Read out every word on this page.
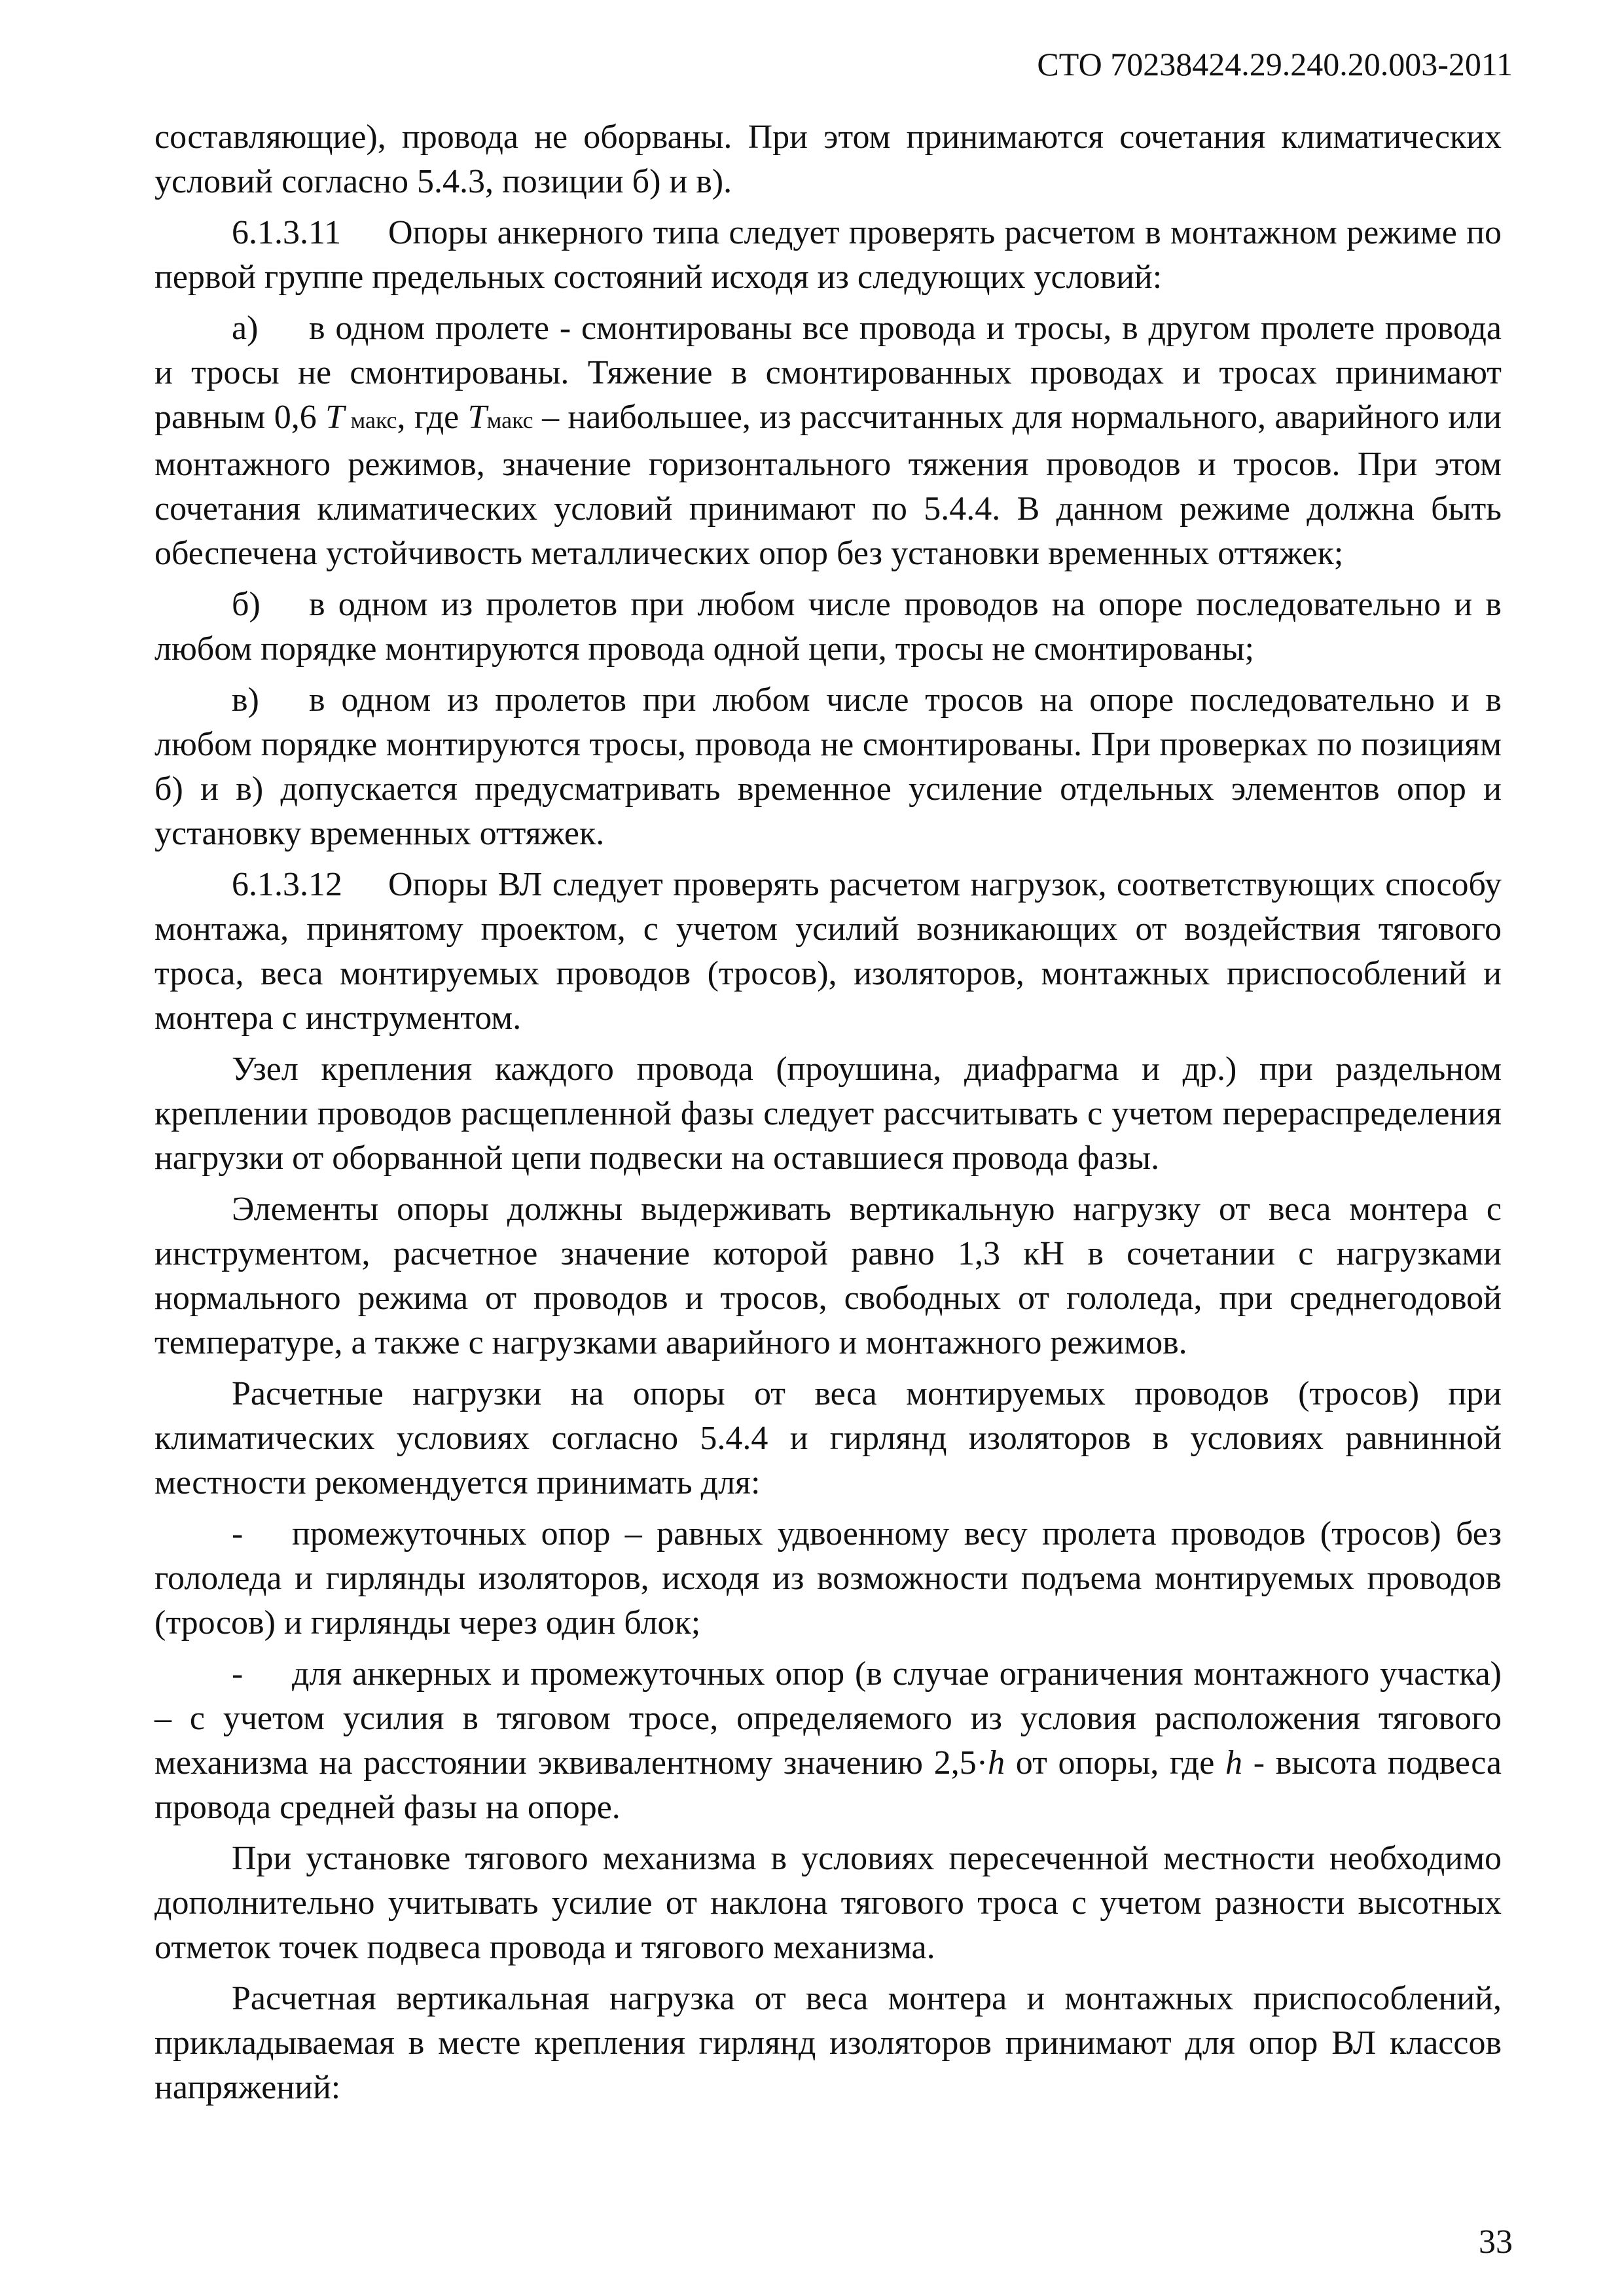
СТО 70238424.29.240.20.003-2011

составляющие), провода не оборваны. При этом принимаются сочетания климатических условий согласно 5.4.3, позиции б) и в).

6.1.3.11 Опоры анкерного типа следует проверять расчетом в монтажном режиме по первой группе предельных состояний исходя из следующих условий:

а) в одном пролете - смонтированы все провода и тросы, в другом пролете провода и тросы не смонтированы. Тяжение в смонтированных проводах и тросах принимают равным 0,6 T макс, где Tмакс – наибольшее, из рассчитанных для нормального, аварийного или монтажного режимов, значение горизонтального тяжения проводов и тросов. При этом сочетания климатических условий принимают по 5.4.4. В данном режиме должна быть обеспечена устойчивость металлических опор без установки временных оттяжек;

б) в одном из пролетов при любом числе проводов на опоре последовательно и в любом порядке монтируются провода одной цепи, тросы не смонтированы;

в) в одном из пролетов при любом числе тросов на опоре последовательно и в любом порядке монтируются тросы, провода не смонтированы. При проверках по позициям б) и в) допускается предусматривать временное усиление отдельных элементов опор и установку временных оттяжек.

6.1.3.12 Опоры ВЛ следует проверять расчетом нагрузок, соответствующих способу монтажа, принятому проектом, с учетом усилий возникающих от воздействия тягового троса, веса монтируемых проводов (тросов), изоляторов, монтажных приспособлений и монтера с инструментом.

Узел крепления каждого провода (проушина, диафрагма и др.) при раздельном креплении проводов расщепленной фазы следует рассчитывать с учетом перераспределения нагрузки от оборванной цепи подвески на оставшиеся провода фазы.

Элементы опоры должны выдерживать вертикальную нагрузку от веса монтера с инструментом, расчетное значение которой равно 1,3 кН в сочетании с нагрузками нормального режима от проводов и тросов, свободных от гололеда, при среднегодовой температуре, а также с нагрузками аварийного и монтажного режимов.

Расчетные нагрузки на опоры от веса монтируемых проводов (тросов) при климатических условиях согласно 5.4.4 и гирлянд изоляторов в условиях равнинной местности рекомендуется принимать для:

- промежуточных опор – равных удвоенному весу пролета проводов (тросов) без гололеда и гирлянды изоляторов, исходя из возможности подъема монтируемых проводов (тросов) и гирлянды через один блок;

- для анкерных и промежуточных опор (в случае ограничения монтажного участка) – с учетом усилия в тяговом тросе, определяемого из условия расположения тягового механизма на расстоянии эквивалентному значению 2,5·h от опоры, где h - высота подвеса провода средней фазы на опоре.

При установке тягового механизма в условиях пересеченной местности необходимо дополнительно учитывать усилие от наклона тягового троса с учетом разности высотных отметок точек подвеса провода и тягового механизма.

Расчетная вертикальная нагрузка от веса монтера и монтажных приспособлений, прикладываемая в месте крепления гирлянд изоляторов принимают для опор ВЛ классов напряжений:

33
